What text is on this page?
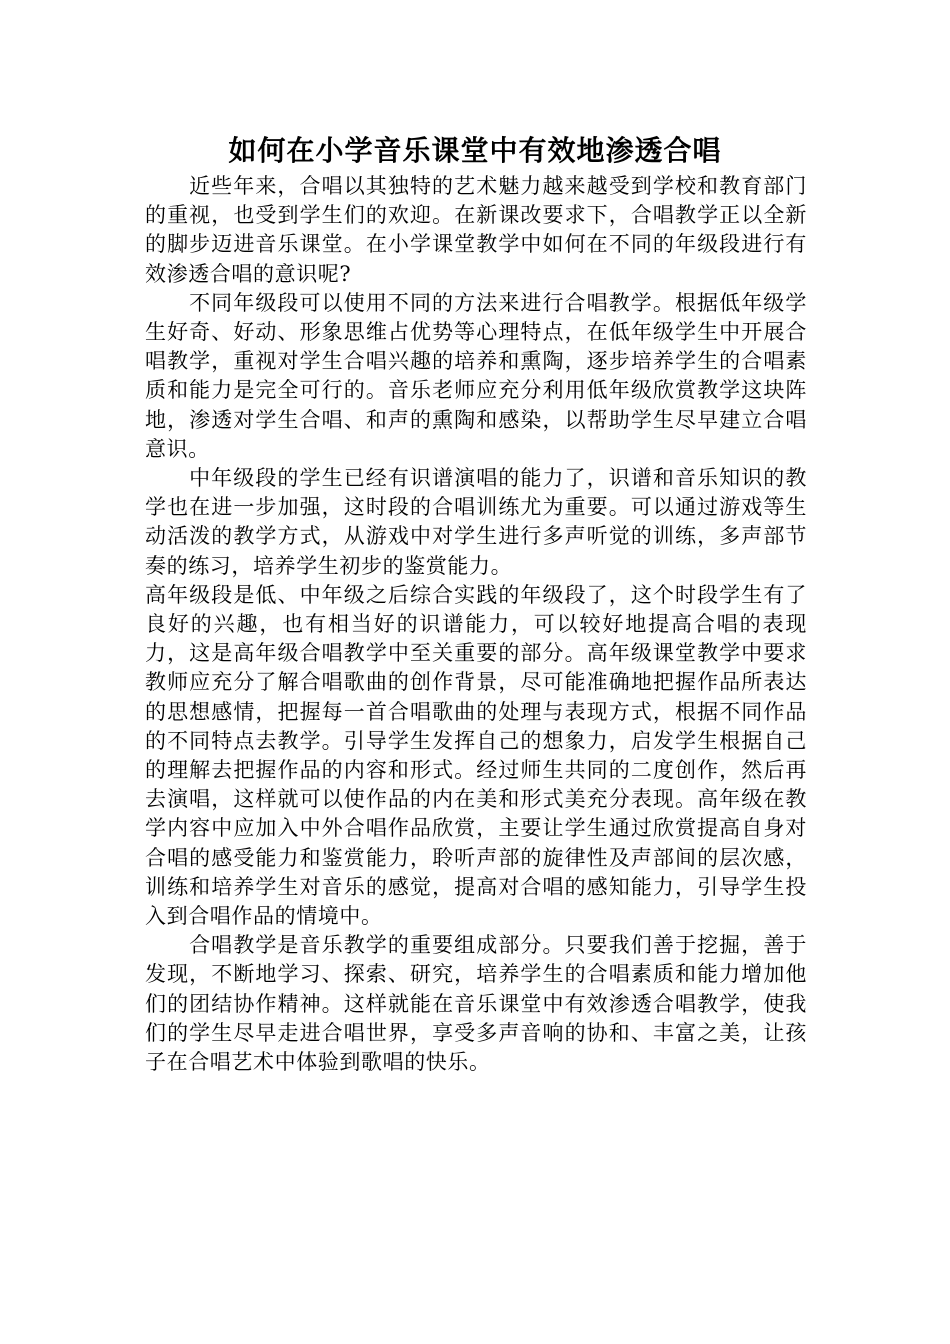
如何在小学音乐课堂中有效地渗透合唱

近些年来，合唱以其独特的艺术魅力越来越受到学校和教育部门的重视，也受到学生们的欢迎。在新课改要求下，合唱教学正以全新的脚步迈进音乐课堂。在小学课堂教学中如何在不同的年级段进行有效渗透合唱的意识呢?

不同年级段可以使用不同的方法来进行合唱教学。根据低年级学生好奇、好动、形象思维占优势等心理特点，在低年级学生中开展合唱教学，重视对学生合唱兴趣的培养和熏陶，逐步培养学生的合唱素质和能力是完全可行的。音乐老师应充分利用低年级欣赏教学这块阵地，渗透对学生合唱、和声的熏陶和感染，以帮助学生尽早建立合唱意识。

中年级段的学生已经有识谱演唱的能力了，识谱和音乐知识的教学也在进一步加强，这时段的合唱训练尤为重要。可以通过游戏等生动活泼的教学方式，从游戏中对学生进行多声听觉的训练，多声部节奏的练习，培养学生初步的鉴赏能力。

高年级段是低、中年级之后综合实践的年级段了，这个时段学生有了良好的兴趣，也有相当好的识谱能力，可以较好地提高合唱的表现力，这是高年级合唱教学中至关重要的部分。高年级课堂教学中要求教师应充分了解合唱歌曲的创作背景，尽可能准确地把握作品所表达的思想感情，把握每一首合唱歌曲的处理与表现方式，根据不同作品的不同特点去教学。引导学生发挥自己的想象力，启发学生根据自己的理解去把握作品的内容和形式。经过师生共同的二度创作，然后再去演唱，这样就可以使作品的内在美和形式美充分表现。高年级在教学内容中应加入中外合唱作品欣赏，主要让学生通过欣赏提高自身对合唱的感受能力和鉴赏能力，聆听声部的旋律性及声部间的层次感，训练和培养学生对音乐的感觉，提高对合唱的感知能力，引导学生投入到合唱作品的情境中。

合唱教学是音乐教学的重要组成部分。只要我们善于挖掘，善于发现，不断地学习、探索、研究，培养学生的合唱素质和能力增加他们的团结协作精神。这样就能在音乐课堂中有效渗透合唱教学，使我们的学生尽早走进合唱世界，享受多声音响的协和、丰富之美，让孩子在合唱艺术中体验到歌唱的快乐。
